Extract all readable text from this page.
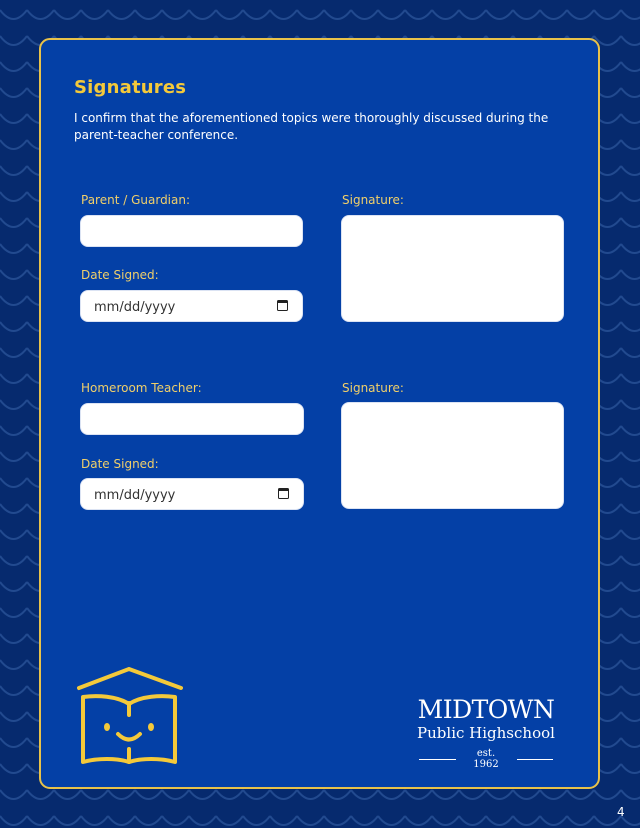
Signatures

I confirm that the aforementioned topics were thoroughly discussed during the parent-teacher conference.

Parent / Guardian:
Date Signed:
mm/dd/yyyy
Signature:
Homeroom Teacher:
Date Signed:
mm/dd/yyyy
Signature:
MIDTOWN
Public Highschool
est. 1962
4
